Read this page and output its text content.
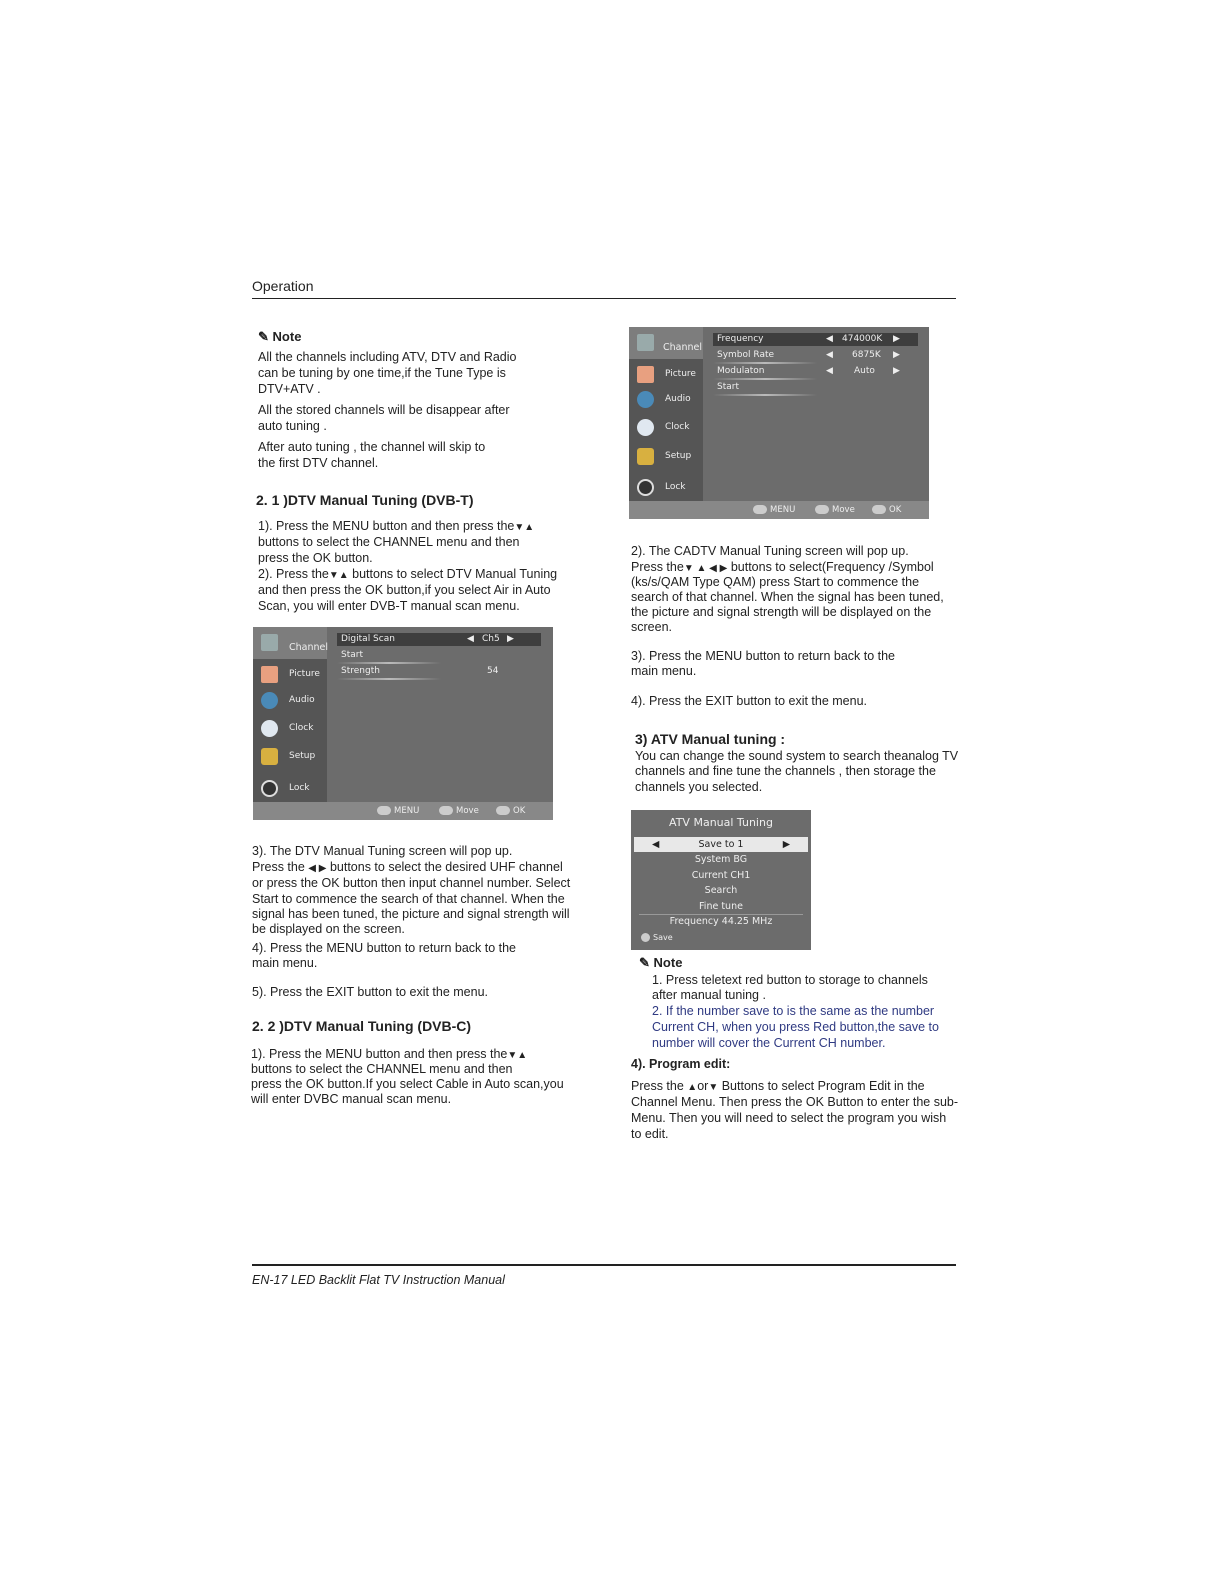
Operation
✎ Note
All the channels including ATV, DTV and Radio
can be tuning by one time,if the Tune Type is
DTV+ATV .
All the stored channels will be disappear after
auto tuning .
After auto tuning , the channel will skip to
the first DTV channel.
2. 1 )DTV Manual Tuning (DVB-T)
1). Press the MENU button and then press the▼▲
buttons to select the CHANNEL menu and then
press the OK button.
2). Press the▼▲ buttons to select DTV Manual Tuning
and then press the OK button,if you select Air in Auto
Scan, you will enter DVB-T manual scan menu.
Channel
Picture
Audio
Clock
Setup
Lock
Digital Scan	◀ Ch5 ▶
Start
Strength	54
MENU	Move	OK
3). The DTV Manual Tuning screen will pop up.
Press the ◀ ▶ buttons to select the desired UHF channel
or press the OK button then input channel number. Select
Start to commence the search of that channel. When the
signal has been tuned, the picture and signal strength will
be displayed on the screen.
4). Press the MENU button to return back to the
main menu.
5). Press the EXIT button to exit the menu.
2. 2 )DTV Manual Tuning (DVB-C)
1). Press the MENU button and then press the▼▲
buttons to select the CHANNEL menu and then
press the OK button.If you select Cable in Auto scan,you
will enter DVBC manual scan menu.
Channel
Picture
Audio
Clock
Setup
Lock
Frequency	◀ 474000K ▶
Symbol Rate	◀ 6875K ▶
Modulaton	◀ Auto ▶
Start
MENU	Move	OK
2). The CADTV Manual Tuning screen will pop up.
Press the▼ ▲ ◀ ▶ buttons to select(Frequency /Symbol
(ks/s/QAM Type QAM) press Start to commence the
search of that channel. When the signal has been tuned,
the picture and signal strength will be displayed on the
screen.
3). Press the MENU button to return back to the
main menu.
4). Press the EXIT button to exit the menu.
3) ATV Manual tuning :
You can change the sound system to search theanalog TV
channels and fine tune the channels , then storage the
channels you selected.
ATV Manual Tuning
◀	Save to 1	▶
System BG
Current CH1
Search
Fine tune
Frequency 44.25 MHz
Save
✎ Note
1. Press teletext red button to storage to channels
after manual tuning .
2. If the number save to is the same as the number
Current CH, when you press Red button,the save to
number will cover the Current CH number.
4). Program edit:
Press the ▲or▼ Buttons to select Program Edit in the
Channel Menu. Then press the OK Button to enter the sub-
Menu. Then you will need to select the program you wish
to edit.
EN-17 LED Backlit Flat TV Instruction Manual
